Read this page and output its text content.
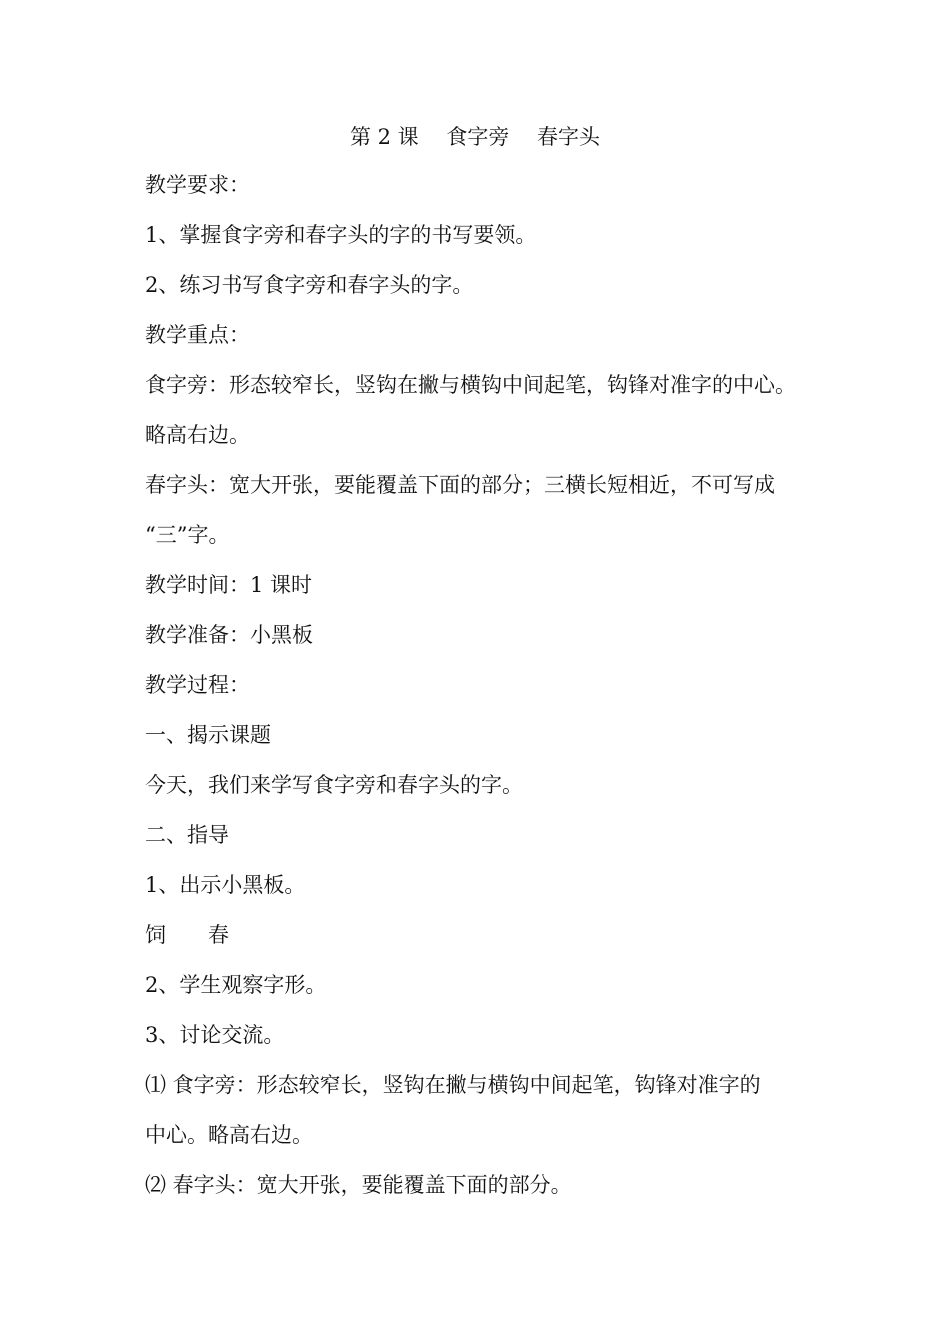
第 2 课　 食字旁　 春字头
教学要求：
1、掌握食字旁和春字头的字的书写要领。
2、练习书写食字旁和春字头的字。
教学重点：
食字旁：形态较窄长，竖钩在撇与横钩中间起笔，钩锋对准字的中心。
略高右边。
春字头：宽大开张，要能覆盖下面的部分；三横长短相近，不可写成
“三”字。
教学时间：1 课时
教学准备：小黑板
教学过程：
一、揭示课题
今天，我们来学写食字旁和春字头的字。
二、指导
1、出示小黑板。
饲　　春
2、学生观察字形。
3、讨论交流。
⑴ 食字旁：形态较窄长，竖钩在撇与横钩中间起笔，钩锋对准字的
中心。略高右边。
⑵ 春字头：宽大开张，要能覆盖下面的部分。
